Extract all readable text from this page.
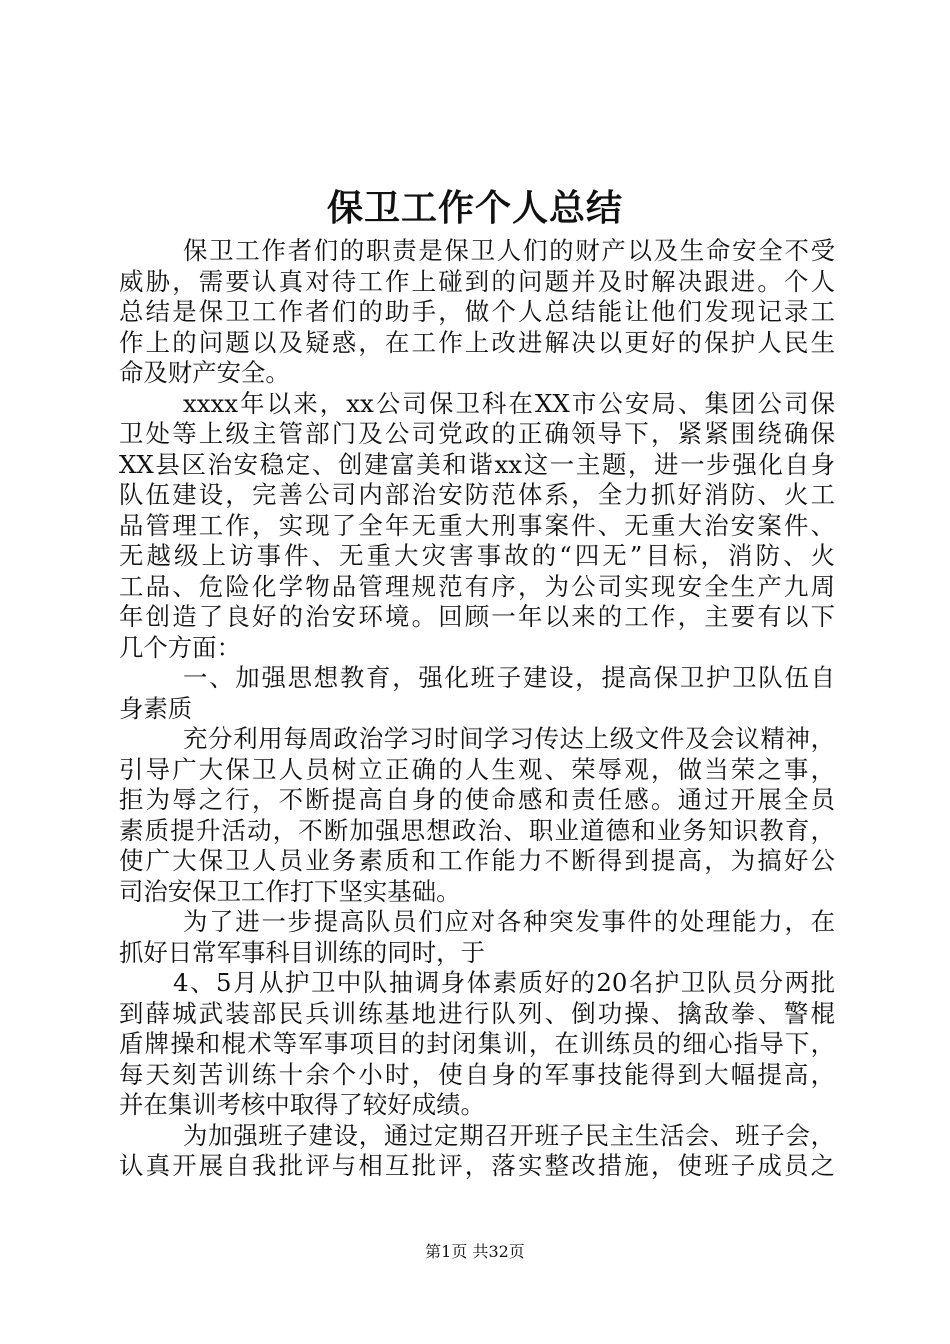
保卫工作个人总结
保卫工作者们的职责是保卫人们的财产以及生命安全不受
威胁，需要认真对待工作上碰到的问题并及时解决跟进。个人
总结是保卫工作者们的助手，做个人总结能让他们发现记录工
作上的问题以及疑惑，在工作上改进解决以更好的保护人民生
命及财产安全。
xxxx年以来，xx公司保卫科在XX市公安局、集团公司保
卫处等上级主管部门及公司党政的正确领导下，紧紧围绕确保
XX县区治安稳定、创建富美和谐xx这一主题，进一步强化自身
队伍建设，完善公司内部治安防范体系，全力抓好消防、火工
品管理工作，实现了全年无重大刑事案件、无重大治安案件、
无越级上访事件、无重大灾害事故的“四无”目标，消防、火
工品、危险化学物品管理规范有序，为公司实现安全生产九周
年创造了良好的治安环境。回顾一年以来的工作，主要有以下
几个方面：
一、加强思想教育，强化班子建设，提高保卫护卫队伍自
身素质
充分利用每周政治学习时间学习传达上级文件及会议精神，
引导广大保卫人员树立正确的人生观、荣辱观，做当荣之事，
拒为辱之行，不断提高自身的使命感和责任感。通过开展全员
素质提升活动，不断加强思想政治、职业道德和业务知识教育，
使广大保卫人员业务素质和工作能力不断得到提高，为搞好公
司治安保卫工作打下坚实基础。
为了进一步提高队员们应对各种突发事件的处理能力，在
抓好日常军事科目训练的同时，于
4、5月从护卫中队抽调身体素质好的20名护卫队员分两批
到薛城武装部民兵训练基地进行队列、倒功操、擒敌拳、警棍
盾牌操和棍术等军事项目的封闭集训，在训练员的细心指导下，
每天刻苦训练十余个小时，使自身的军事技能得到大幅提高，
并在集训考核中取得了较好成绩。
为加强班子建设，通过定期召开班子民主生活会、班子会，
认真开展自我批评与相互批评，落实整改措施，使班子成员之
第1页 共32页
